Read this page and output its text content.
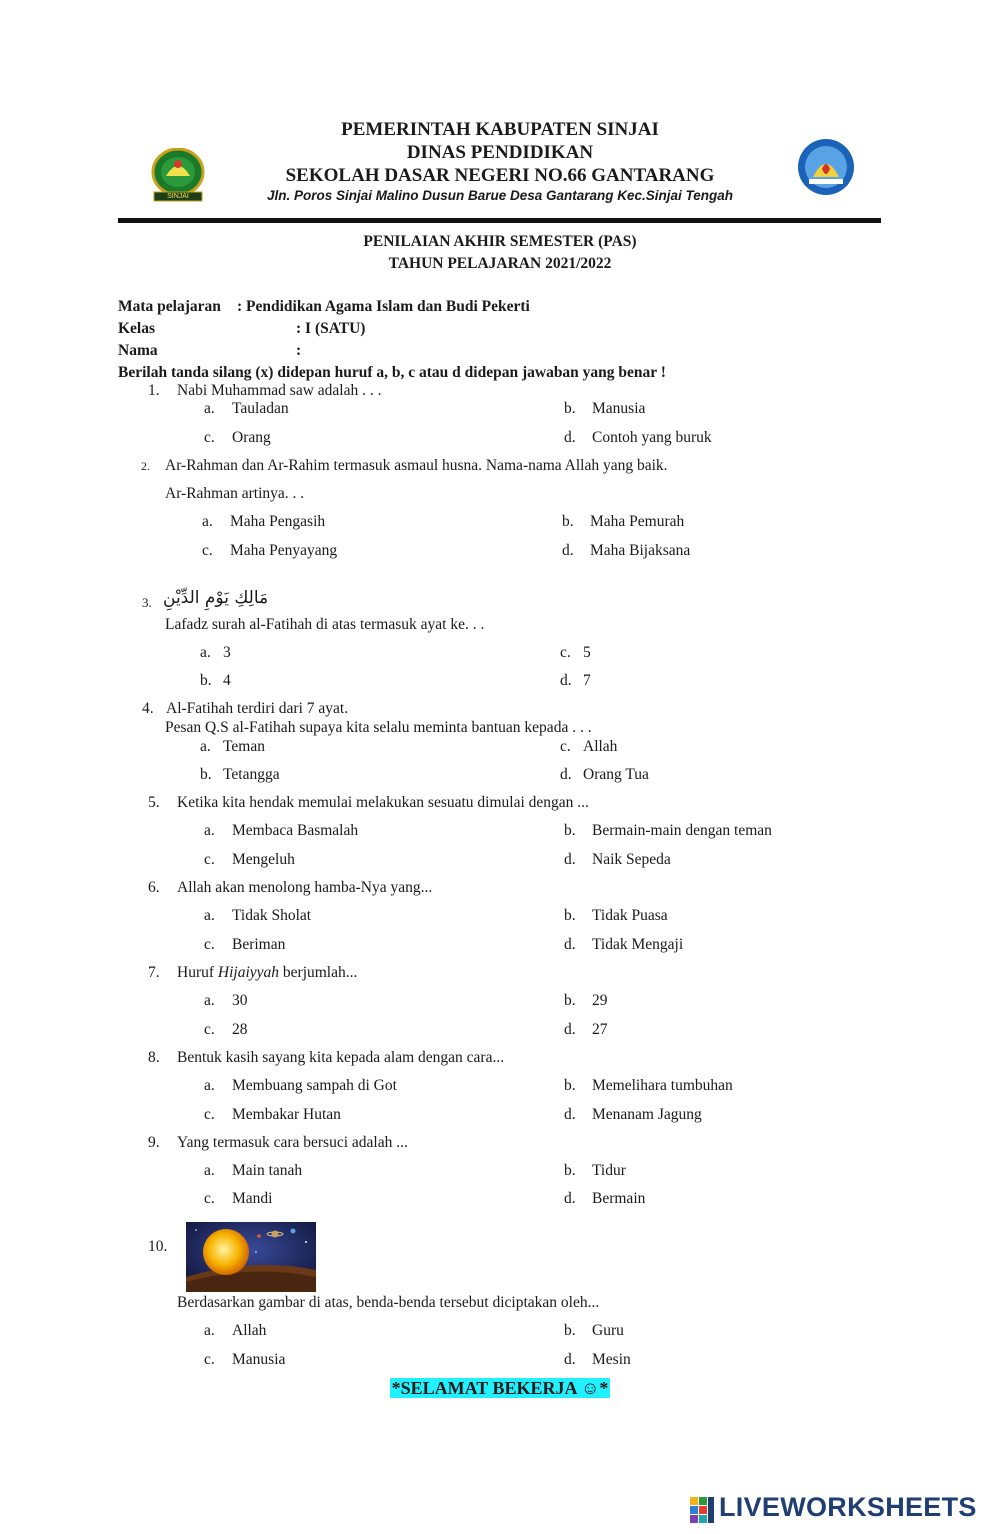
SINJAI
PEMERINTAH KABUPATEN SINJAI
DINAS PENDIDIKAN
SEKOLAH DASAR NEGERI NO.66 GANTARANG
Jln. Poros Sinjai Malino Dusun Barue Desa Gantarang Kec.Sinjai Tengah
PENILAIAN AKHIR SEMESTER (PAS)
TAHUN PELAJARAN 2021/2022
Mata pelajaran : Pendidikan Agama Islam dan Budi Pekerti
Kelas	: I (SATU)
Nama	:
Berilah tanda silang (x) didepan huruf a, b, c atau d didepan jawaban yang benar !
1. Nabi Muhammad saw adalah . . .
a. Tauladan	b. Manusia
c. Orang	d. Contoh yang buruk
2. Ar-Rahman dan Ar-Rahim termasuk asmaul husna. Nama-nama Allah yang baik.
Ar-Rahman artinya. . .
a. Maha Pengasih	b. Maha Pemurah
c. Maha Penyayang	d. Maha Bijaksana
3. مَالِكِ يَوْمِ الدِّيْنِ
Lafadz surah al-Fatihah di atas termasuk ayat ke. . .
a. 3	c. 5
b. 4	d. 7
4. Al-Fatihah terdiri dari 7 ayat.
Pesan Q.S al-Fatihah supaya kita selalu meminta bantuan kepada . . .
a. Teman	c. Allah
b. Tetangga	d. Orang Tua
5. Ketika kita hendak memulai melakukan sesuatu dimulai dengan ...
a. Membaca Basmalah	b. Bermain-main dengan teman
c. Mengeluh	d. Naik Sepeda
6. Allah akan menolong hamba-Nya yang...
a. Tidak Sholat	b. Tidak Puasa
c. Beriman	d. Tidak Mengaji
7. Huruf Hijaiyyah berjumlah...
a. 30	b. 29
c. 28	d. 27
8. Bentuk kasih sayang kita kepada alam dengan cara...
a. Membuang sampah di Got	b. Memelihara tumbuhan
c. Membakar Hutan	d. Menanam Jagung
9. Yang termasuk cara bersuci adalah ...
a. Main tanah	b. Tidur
c. Mandi	d. Bermain
10.
Berdasarkan gambar di atas, benda-benda tersebut diciptakan oleh...
a. Allah	b. Guru
c. Manusia	d. Mesin
*SELAMAT BEKERJA ☺*
LIVEWORKSHEETS
